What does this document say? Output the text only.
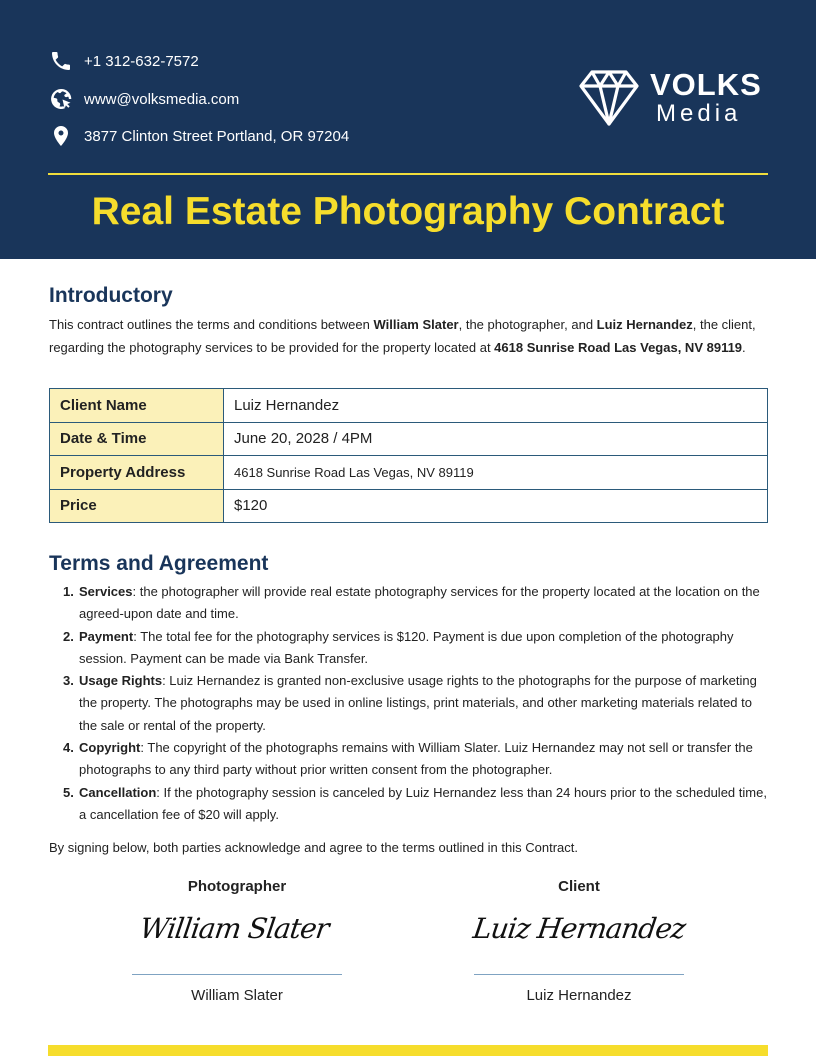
+1 312-632-7572
www@volksmedia.com
3877 Clinton Street Portland, OR 97204
VOLKS
Media
Real Estate Photography Contract
Introductory

This contract outlines the terms and conditions between William Slater, the photographer, and Luiz Hernandez, the client, regarding the photography services to be provided for the property located at 4618 Sunrise Road Las Vegas, NV 89119.

Client Name	Luiz Hernandez
Date & Time	June 20, 2028 / 4PM
Property Address	4618 Sunrise Road Las Vegas, NV 89119
Price	$120
Terms and Agreement
1. Services: the photographer will provide real estate photography services for the property located at the location on the agreed-upon date and time.
2. Payment: The total fee for the photography services is $120. Payment is due upon completion of the photography session. Payment can be made via Bank Transfer.
3. Usage Rights: Luiz Hernandez is granted non-exclusive usage rights to the photographs for the purpose of marketing the property. The photographs may be used in online listings, print materials, and other marketing materials related to the sale or rental of the property.
4. Copyright: The copyright of the photographs remains with William Slater. Luiz Hernandez may not sell or transfer the photographs to any third party without prior written consent from the photographer.
5. Cancellation: If the photography session is canceled by Luiz Hernandez less than 24 hours prior to the scheduled time, a cancellation fee of $20 will apply.

By signing below, both parties acknowledge and agree to the terms outlined in this Contract.

Photographer
William Slater
William Slater
Client
Luiz Hernandez
Luiz Hernandez
